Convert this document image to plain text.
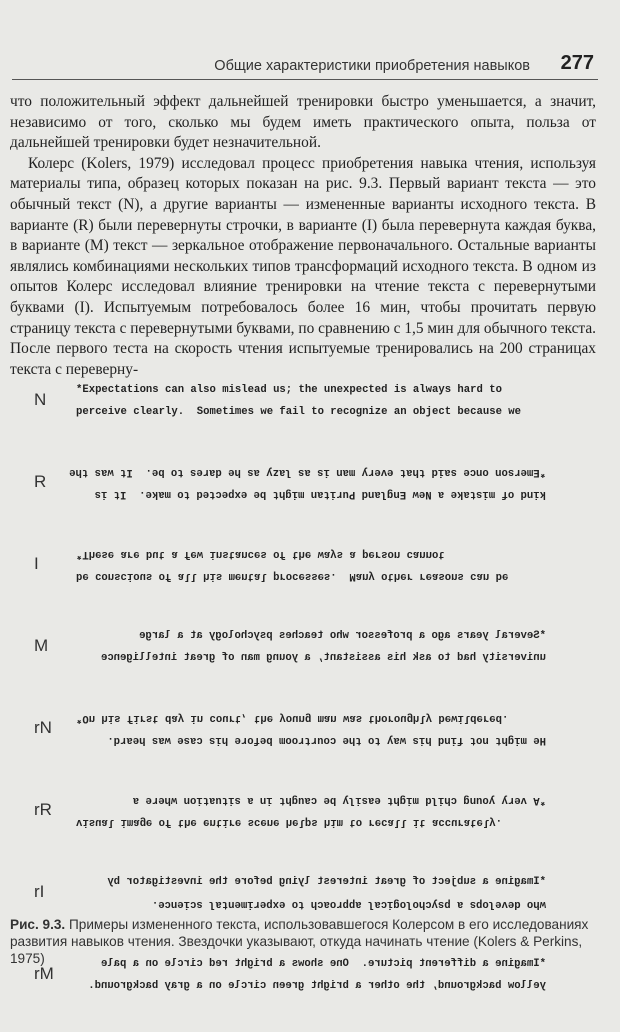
Общие характеристики приобретения навыков 277

что положительный эффект дальнейшей тренировки быстро уменьшается, а значит, независимо от того, сколько мы будем иметь практического опыта, польза от дальнейшей тренировки будет незначительной.

Колерс (Kolers, 1979) исследовал процесс приобретения навыка чтения, используя материалы типа, образец которых показан на рис. 9.3. Первый вариант текста — это обычный текст (N), а другие варианты — измененные варианты исходного текста. В варианте (R) были перевернуты строчки, в варианте (I) была перевернута каждая буква, в варианте (M) текст — зеркальное отображение первоначального. Остальные варианты являлись комбинациями нескольких типов трансформаций исходного текста. В одном из опытов Колерс исследовал влияние тренировки на чтение текста с перевернутыми буквами (I). Испытуемым потребовалось более 16 мин, чтобы прочитать первую страницу текста с перевернутыми буквами, по сравнению с 1,5 мин для обычного текста. После первого теста на скорость чтения испытуемые тренировались на 200 страницах текста с переверну-

N	*Expectations can also mislead us; the unexpected is always hard to
perceive clearly.  Sometimes we fail to recognize an object because we
R *Emerson once said that every man is as lazy as he dares to be.  It was the
kind of mistake a New England Puritan might be expected to make.  It is
I	*These are but a few instances of the ways a person cannot
be conscious of all his mental processes.  Many other reasons can be
M	*Several years ago a professor who teaches psychology at a large
university had to ask his assistant, a young man of great intelligence
rN *On his first day in court, the young man was thoroughly bewildered.
He might not find his way to the courtroom before his case was heard.
rR	*A very young child might easily be caught in a situation where a
visual image of the entire scene helps him to recall it accurately.
rI	*Imagine a subject of great interest lying before the investigator by
who develops a psychological approach to experimental science.
rM	*Imagine a different picture.  One shows a bright red circle on a pale
yellow background, the other a bright green circle on a gray background.
Рис. 9.3. Примеры измененного текста, использовавшегося Колерсом в его исследованиях развития навыков чтения. Звездочки указывают, откуда начинать чтение (Kolers & Perkins, 1975)
